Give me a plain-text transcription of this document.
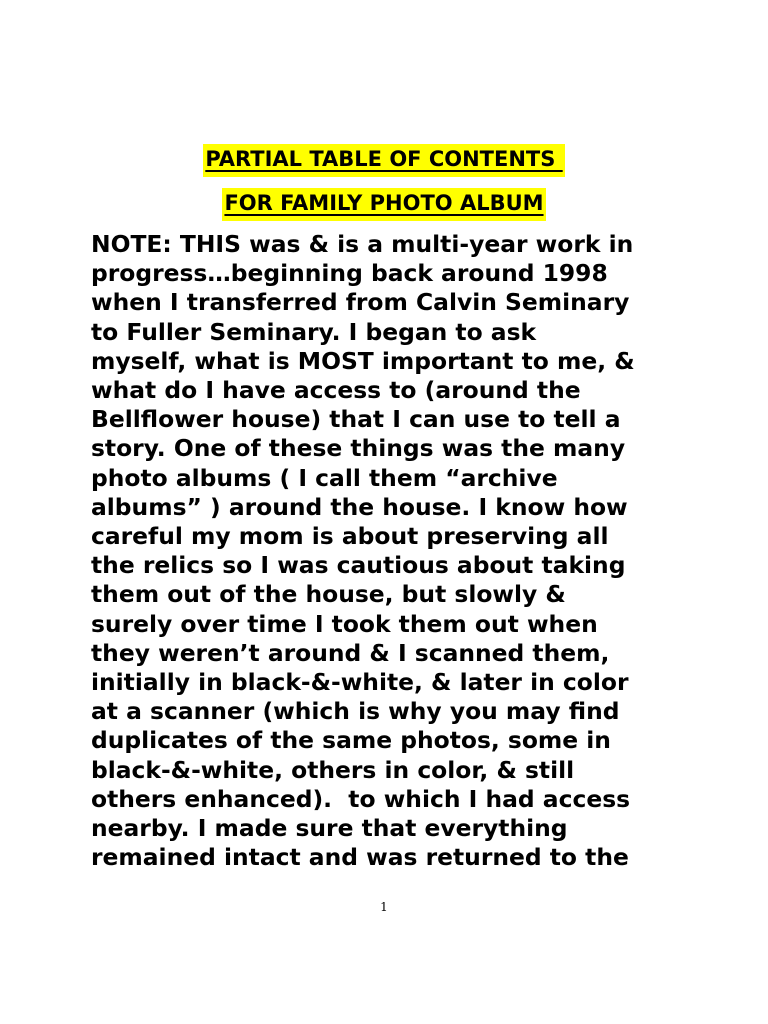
PARTIAL TABLE OF CONTENTS
FOR FAMILY PHOTO ALBUM
NOTE: THIS was & is a multi-year work in
progress…beginning back around 1998
when I transferred from Calvin Seminary
to Fuller Seminary. I began to ask
myself, what is MOST important to me, &
what do I have access to (around the
Bellflower house) that I can use to tell a
story. One of these things was the many
photo albums ( I call them “archive
albums” ) around the house. I know how
careful my mom is about preserving all
the relics so I was cautious about taking
them out of the house, but slowly &
surely over time I took them out when
they weren’t around & I scanned them,
initially in black-&-white, & later in color
at a scanner (which is why you may find
duplicates of the same photos, some in
black-&-white, others in color, & still
others enhanced).  to which I had access
nearby. I made sure that everything
remained intact and was returned to the
1
